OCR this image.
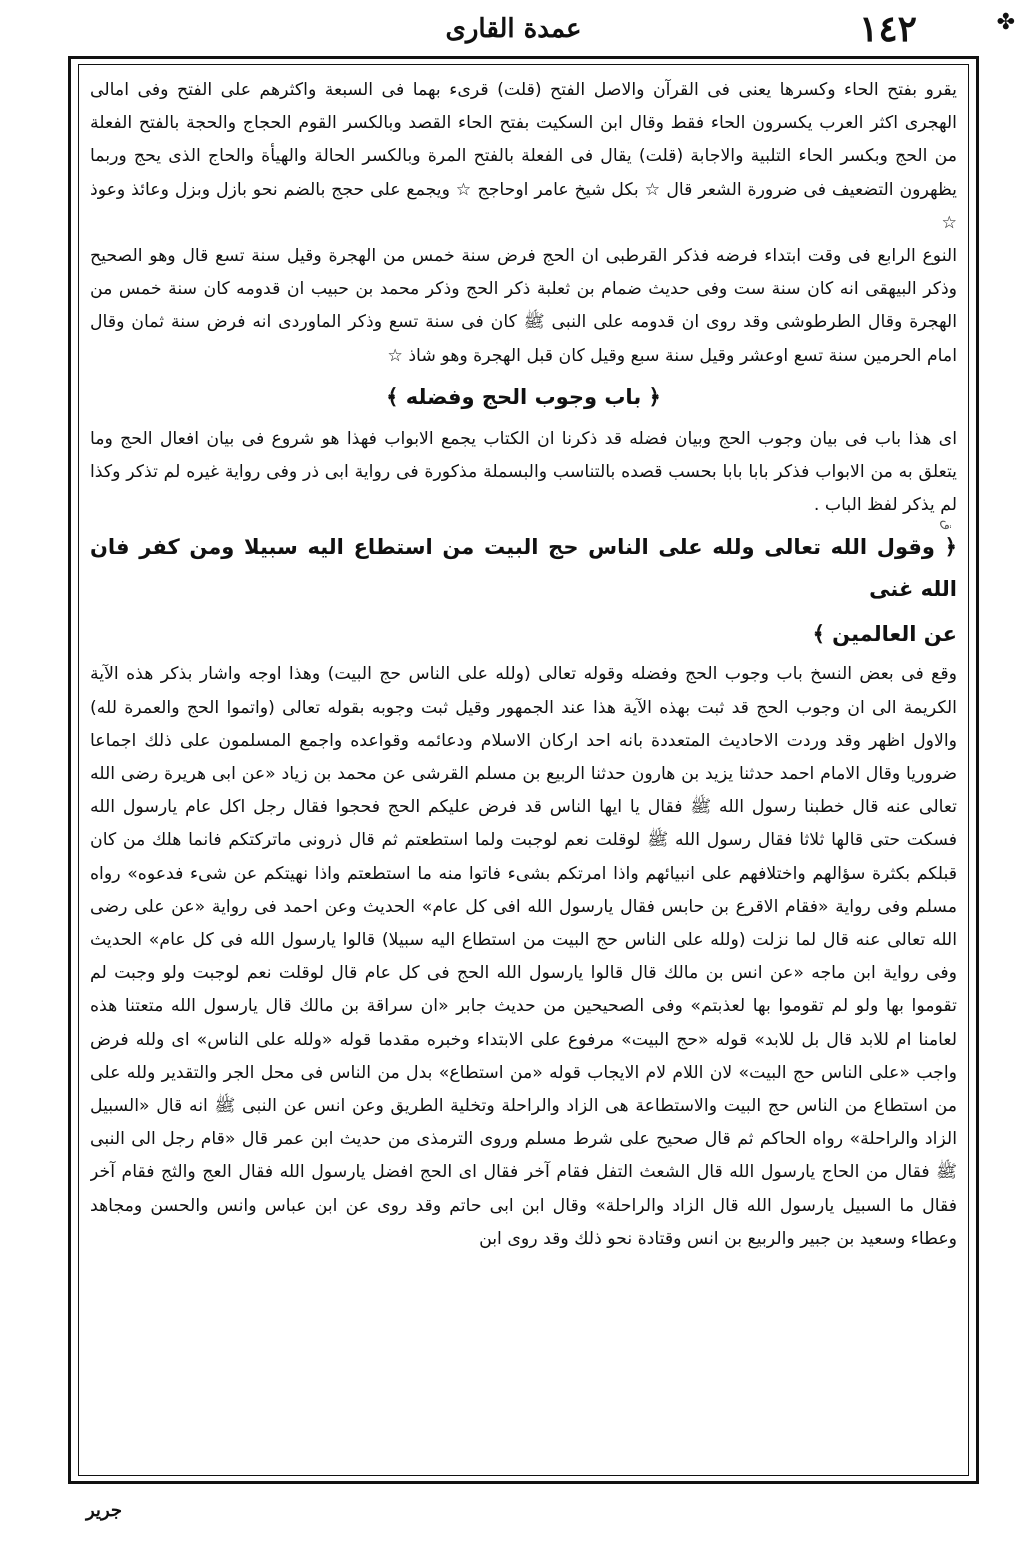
✤
١٤٢
عمدة القارى
ق

يقرو بفتح الحاء وكسرها يعنى فى القرآن والاصل الفتح (قلت) قرىء بهما فى السبعة واكثرهم على الفتح وفى امالى الهجرى اكثر العرب يكسرون الحاء فقط وقال ابن السكيت بفتح الحاء القصد وبالكسر القوم الحجاج والحجة بالفتح الفعلة من الحج وبكسر الحاء التلبية والاجابة (قلت) يقال فى الفعلة بالفتح المرة وبالكسر الحالة والهيأة والحاج الذى يحج وربما يظهرون التضعيف فى ضرورة الشعر قال ☆ بكل شيخ عامر اوحاجج ☆ ويجمع على حجج بالضم نحو بازل وبزل وعائذ وعوذ ☆

النوع الرابع فى وقت ابتداء فرضه فذكر القرطبى ان الحج فرض سنة خمس من الهجرة وقيل سنة تسع قال وهو الصحيح وذكر البيهقى انه كان سنة ست وفى حديث ضمام بن ثعلبة ذكر الحج وذكر محمد بن حبيب ان قدومه كان سنة خمس من الهجرة وقال الطرطوشى وقد روى ان قدومه على النبى ﷺ كان فى سنة تسع وذكر الماوردى انه فرض سنة ثمان وقال امام الحرمين سنة تسع اوعشر وقيل سنة سبع وقيل كان قبل الهجرة وهو شاذ ☆

﴿ باب وجوب الحج وفضله ﴾

اى هذا باب فى بيان وجوب الحج وبيان فضله قد ذكرنا ان الكتاب يجمع الابواب فهذا هو شروع فى بيان افعال الحج وما يتعلق به من الابواب فذكر بابا بابا بحسب قصده بالتناسب والبسملة مذكورة فى رواية ابى ذر وفى رواية غيره لم تذكر وكذا لم يذكر لفظ الباب .

﴿ وقول الله تعالى ولله على الناس حج البيت من استطاع اليه سبيلا ومن كفر فان الله غنى

عن العالمين ﴾

وقع فى بعض النسخ باب وجوب الحج وفضله وقوله تعالى (ولله على الناس حج البيت) وهذا اوجه واشار بذكر هذه الآية الكريمة الى ان وجوب الحج قد ثبت بهذه الآية هذا عند الجمهور وقيل ثبت وجوبه بقوله تعالى (واتموا الحج والعمرة لله) والاول اظهر وقد وردت الاحاديث المتعددة بانه احد اركان الاسلام ودعائمه وقواعده واجمع المسلمون على ذلك اجماعا ضروريا وقال الامام احمد حدثنا يزيد بن هارون حدثنا الربيع بن مسلم القرشى عن محمد بن زياد «عن ابى هريرة رضى الله تعالى عنه قال خطبنا رسول الله ﷺ فقال يا ايها الناس قد فرض عليكم الحج فحجوا فقال رجل اكل عام يارسول الله فسكت حتى قالها ثلاثا فقال رسول الله ﷺ لوقلت نعم لوجبت ولما استطعتم ثم قال ذرونى ماتركتكم فانما هلك من كان قبلكم بكثرة سؤالهم واختلافهم على انبيائهم واذا امرتكم بشىء فاتوا منه ما استطعتم واذا نهيتكم عن شىء فدعوه» رواه مسلم وفى رواية «فقام الاقرع بن حابس فقال يارسول الله افى كل عام» الحديث وعن احمد فى رواية «عن على رضى الله تعالى عنه قال لما نزلت (ولله على الناس حج البيت من استطاع اليه سبيلا) قالوا يارسول الله فى كل عام» الحديث وفى رواية ابن ماجه «عن انس بن مالك قال قالوا يارسول الله الحج فى كل عام قال لوقلت نعم لوجبت ولو وجبت لم تقوموا بها ولو لم تقوموا بها لعذبتم» وفى الصحيحين من حديث جابر «ان سراقة بن مالك قال يارسول الله متعتنا هذه لعامنا ام للابد قال بل للابد» قوله «حج البيت» مرفوع على الابتداء وخبره مقدما قوله «ولله على الناس» اى ولله فرض واجب «على الناس حج البيت» لان اللام لام الايجاب قوله «من استطاع» بدل من الناس فى محل الجر والتقدير ولله على من استطاع من الناس حج البيت والاستطاعة هى الزاد والراحلة وتخلية الطريق وعن انس عن النبى ﷺ انه قال «السبيل الزاد والراحلة» رواه الحاكم ثم قال صحيح على شرط مسلم وروى الترمذى من حديث ابن عمر قال «قام رجل الى النبى ﷺ فقال من الحاج يارسول الله قال الشعث التفل فقام آخر فقال اى الحج افضل يارسول الله فقال العج والثج فقام آخر فقال ما السبيل يارسول الله قال الزاد والراحلة» وقال ابن ابى حاتم وقد روى عن ابن عباس وانس والحسن ومجاهد وعطاء وسعيد بن جبير والربيع بن انس وقتادة نحو ذلك وقد روى ابن

جرير
